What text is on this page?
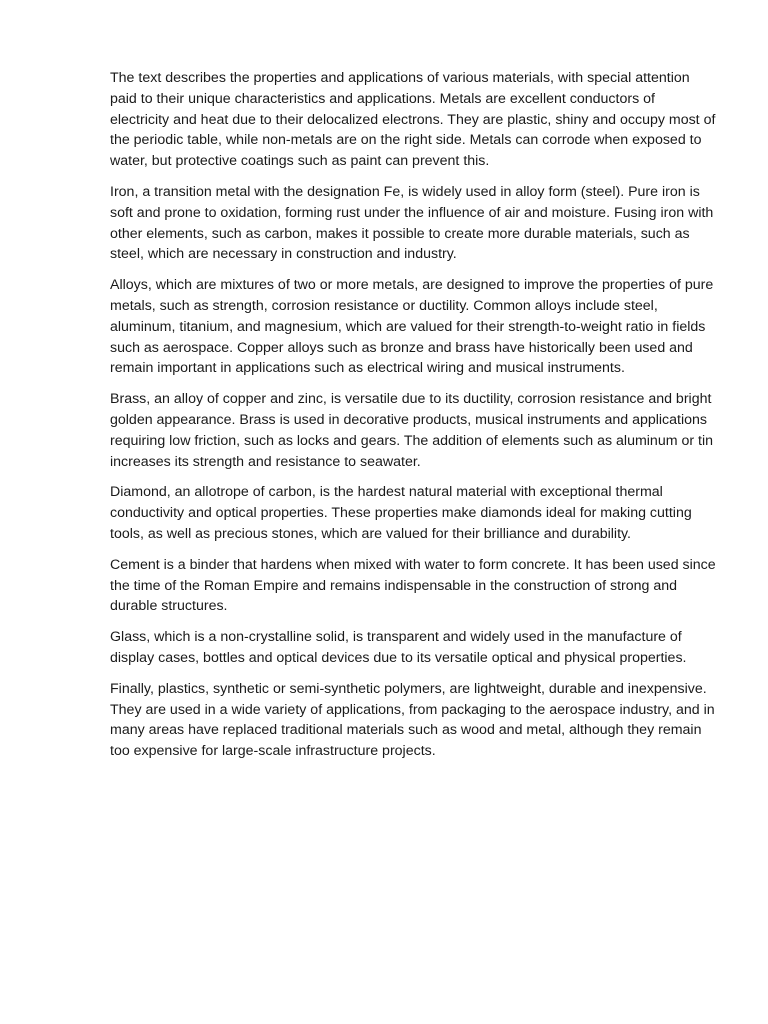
The text describes the properties and applications of various materials, with special attention paid to their unique characteristics and applications. Metals are excellent conductors of electricity and heat due to their delocalized electrons. They are plastic, shiny and occupy most of the periodic table, while non-metals are on the right side. Metals can corrode when exposed to water, but protective coatings such as paint can prevent this.

Iron, a transition metal with the designation Fe, is widely used in alloy form (steel). Pure iron is soft and prone to oxidation, forming rust under the influence of air and moisture. Fusing iron with other elements, such as carbon, makes it possible to create more durable materials, such as steel, which are necessary in construction and industry.

Alloys, which are mixtures of two or more metals, are designed to improve the properties of pure metals, such as strength, corrosion resistance or ductility. Common alloys include steel, aluminum, titanium, and magnesium, which are valued for their strength-to-weight ratio in fields such as aerospace. Copper alloys such as bronze and brass have historically been used and remain important in applications such as electrical wiring and musical instruments.

Brass, an alloy of copper and zinc, is versatile due to its ductility, corrosion resistance and bright golden appearance. Brass is used in decorative products, musical instruments and applications requiring low friction, such as locks and gears. The addition of elements such as aluminum or tin increases its strength and resistance to seawater.

Diamond, an allotrope of carbon, is the hardest natural material with exceptional thermal conductivity and optical properties. These properties make diamonds ideal for making cutting tools, as well as precious stones, which are valued for their brilliance and durability.

Cement is a binder that hardens when mixed with water to form concrete. It has been used since the time of the Roman Empire and remains indispensable in the construction of strong and durable structures.

Glass, which is a non-crystalline solid, is transparent and widely used in the manufacture of display cases, bottles and optical devices due to its versatile optical and physical properties.

Finally, plastics, synthetic or semi-synthetic polymers, are lightweight, durable and inexpensive. They are used in a wide variety of applications, from packaging to the aerospace industry, and in many areas have replaced traditional materials such as wood and metal, although they remain too expensive for large-scale infrastructure projects.
